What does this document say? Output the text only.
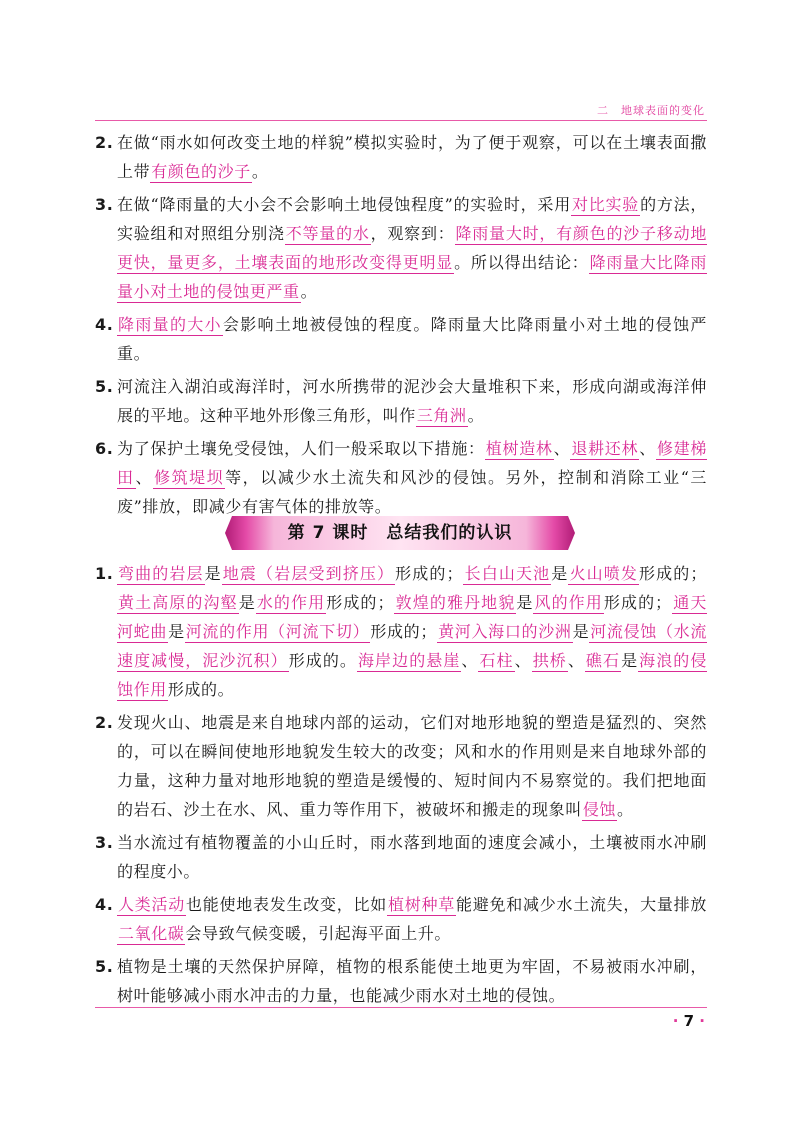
二　地球表面的变化
2. 在做“雨水如何改变土地的样貌”模拟实验时，为了便于观察，可以在土壤表面撒上带有颜色的沙子。
3. 在做“降雨量的大小会不会影响土地侵蚀程度”的实验时，采用对比实验的方法，实验组和对照组分别浇不等量的水，观察到：降雨量大时，有颜色的沙子移动地更快，量更多，土壤表面的地形改变得更明显。所以得出结论：降雨量大比降雨量小对土地的侵蚀更严重。
4. 降雨量的大小会影响土地被侵蚀的程度。降雨量大比降雨量小对土地的侵蚀严重。
5. 河流注入湖泊或海洋时，河水所携带的泥沙会大量堆积下来，形成向湖或海洋伸展的平地。这种平地外形像三角形，叫作三角洲。
6. 为了保护土壤免受侵蚀，人们一般采取以下措施：植树造林、退耕还林、修建梯田、修筑堤坝等，以减少水土流失和风沙的侵蚀。另外，控制和消除工业“三废”排放，即减少有害气体的排放等。
第 7 课时　总结我们的认识
1. 弯曲的岩层是地震（岩层受到挤压）形成的；长白山天池是火山喷发形成的；黄土高原的沟壑是水的作用形成的；敦煌的雅丹地貌是风的作用形成的；通天河蛇曲是河流的作用（河流下切）形成的；黄河入海口的沙洲是河流侵蚀（水流速度减慢，泥沙沉积）形成的。海岸边的悬崖、石柱、拱桥、礁石是海浪的侵蚀作用形成的。
2. 发现火山、地震是来自地球内部的运动，它们对地形地貌的塑造是猛烈的、突然的，可以在瞬间使地形地貌发生较大的改变；风和水的作用则是来自地球外部的力量，这种力量对地形地貌的塑造是缓慢的、短时间内不易察觉的。我们把地面的岩石、沙土在水、风、重力等作用下，被破坏和搬走的现象叫侵蚀。
3. 当水流过有植物覆盖的小山丘时，雨水落到地面的速度会减小，土壤被雨水冲刷的程度小。
4. 人类活动也能使地表发生改变，比如植树种草能避免和减少水土流失，大量排放二氧化碳会导致气候变暖，引起海平面上升。
5. 植物是土壤的天然保护屏障，植物的根系能使土地更为牢固，不易被雨水冲刷，树叶能够减小雨水冲击的力量，也能减少雨水对土地的侵蚀。
· 7 ·
